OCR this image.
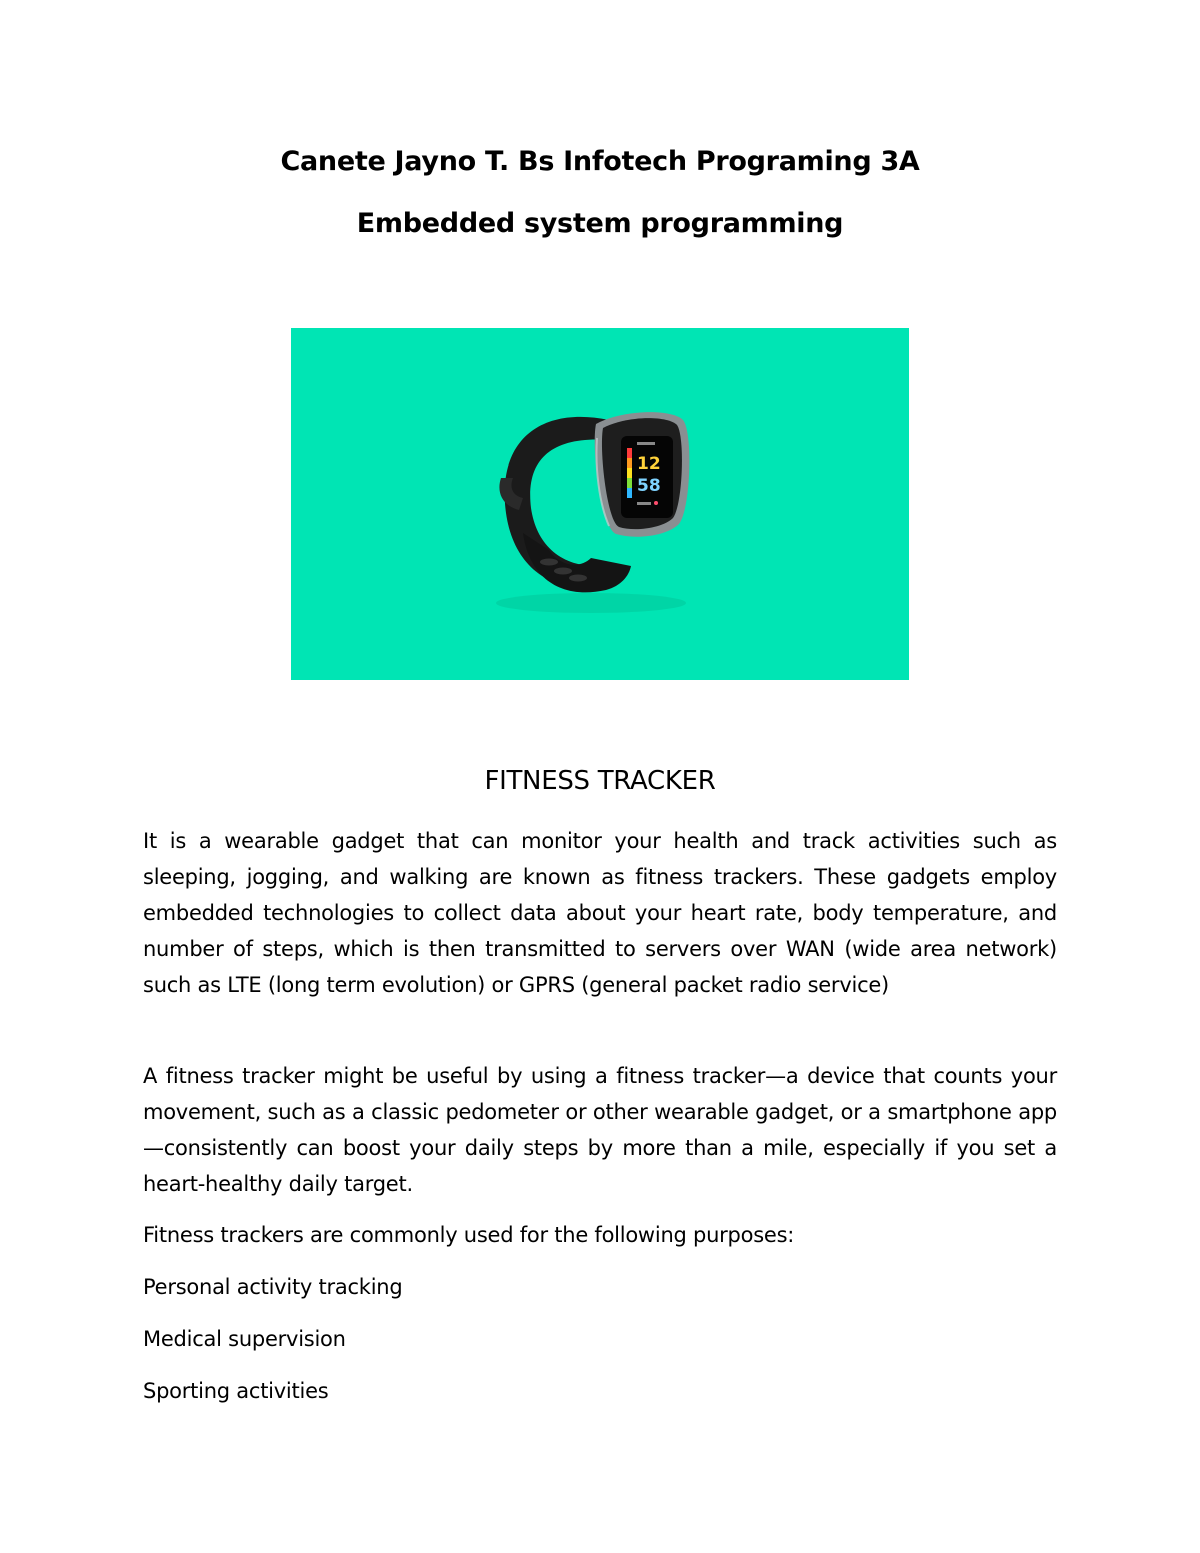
Canete Jayno T. Bs Infotech Programing 3A
Embedded system programming
12
58
FITNESS TRACKER

It is a wearable gadget that can monitor your health and track activities such as sleeping, jogging, and walking are known as fitness trackers. These gadgets employ embedded technologies to collect data about your heart rate, body temperature, and number of steps, which is then transmitted to servers over WAN (wide area network) such as LTE (long term evolution) or GPRS (general packet radio service)

A fitness tracker might be useful by using a fitness tracker—a device that counts your movement, such as a classic pedometer or other wearable gadget, or a smartphone app—consistently can boost your daily steps by more than a mile, especially if you set a heart-healthy daily target.

Fitness trackers are commonly used for the following purposes:

Personal activity tracking

Medical supervision

Sporting activities
